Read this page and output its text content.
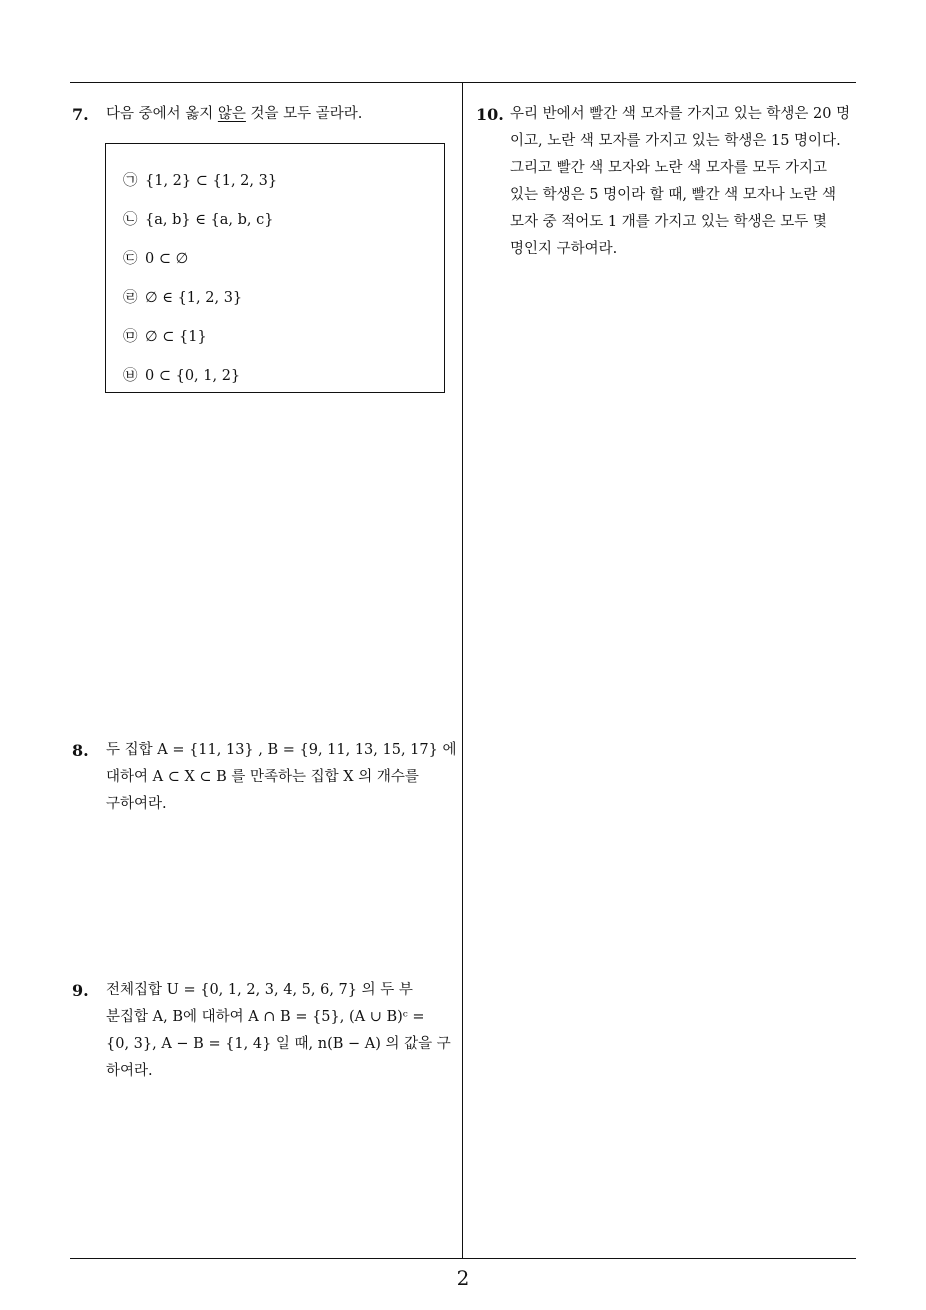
7. 다음 중에서 옳지 않은 것을 모두 골라라.
㉠ {1, 2} ⊂ {1, 2, 3}
㉡ {a, b} ∈ {a, b, c}
㉢ 0 ⊂ ∅
㉣ ∅ ∈ {1, 2, 3}
㉤ ∅ ⊂ {1}
㉥ 0 ⊂ {0, 1, 2}
8. 두 집합 A = {11, 13} , B = {9, 11, 13, 15, 17} 에
대하여 A ⊂ X ⊂ B 를 만족하는 집합 X 의 개수를
구하여라.
9. 전체집합 U = {0, 1, 2, 3, 4, 5, 6, 7} 의 두 부
분집합 A, B에 대하여 A ∩ B = {5}, (A ∪ B)ᶜ =
{0, 3}, A − B = {1, 4} 일 때, n(B − A) 의 값을 구
하여라.
10. 우리 반에서 빨간 색 모자를 가지고 있는 학생은 20 명
이고, 노란 색 모자를 가지고 있는 학생은 15 명이다.
그리고 빨간 색 모자와 노란 색 모자를 모두 가지고
있는 학생은 5 명이라 할 때, 빨간 색 모자나 노란 색
모자 중 적어도 1 개를 가지고 있는 학생은 모두 몇
명인지 구하여라.
2
